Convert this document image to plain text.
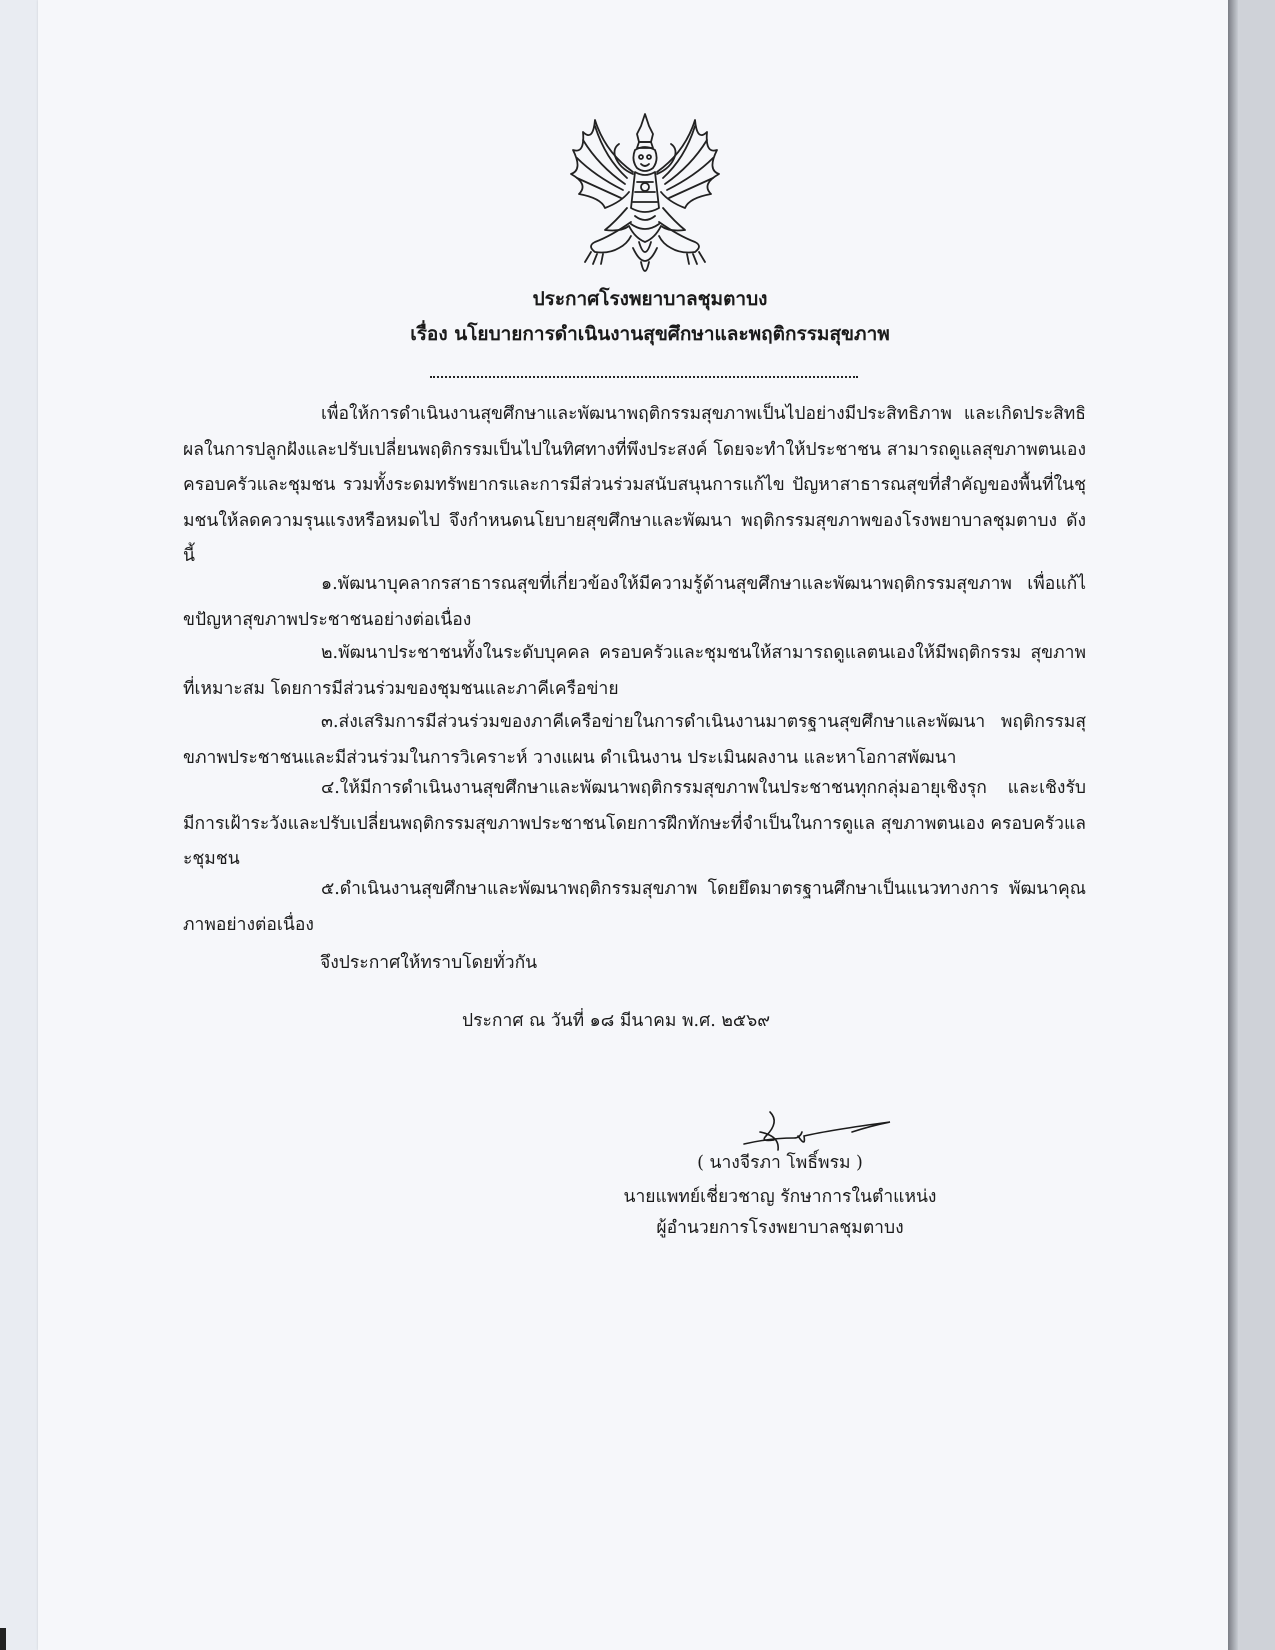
ประกาศโรงพยาบาลชุมตาบง
เรื่อง นโยบายการดำเนินงานสุขศึกษาและพฤติกรรมสุขภาพ
เพื่อให้การดำเนินงานสุขศึกษาและพัฒนาพฤติกรรมสุขภาพเป็นไปอย่างมีประสิทธิภาพ และเกิดประสิทธิผลในการปลูกฝังและปรับเปลี่ยนพฤติกรรมเป็นไปในทิศทางที่พึงประสงค์ โดยจะทำให้ประชาชน สามารถดูแลสุขภาพตนเอง ครอบครัวและชุมชน รวมทั้งระดมทรัพยากรและการมีส่วนร่วมสนับสนุนการแก้ไข ปัญหาสาธารณสุขที่สำคัญของพื้นที่ในชุมชนให้ลดความรุนแรงหรือหมดไป จึงกำหนดนโยบายสุขศึกษาและพัฒนา พฤติกรรมสุขภาพของโรงพยาบาลชุมตาบง ดังนี้
๑.พัฒนาบุคลากรสาธารณสุขที่เกี่ยวข้องให้มีความรู้ด้านสุขศึกษาและพัฒนาพฤติกรรมสุขภาพ เพื่อแก้ไขปัญหาสุขภาพประชาชนอย่างต่อเนื่อง
๒.พัฒนาประชาชนทั้งในระดับบุคคล ครอบครัวและชุมชนให้สามารถดูแลตนเองให้มีพฤติกรรม สุขภาพที่เหมาะสม โดยการมีส่วนร่วมของชุมชนและภาคีเครือข่าย
๓.ส่งเสริมการมีส่วนร่วมของภาคีเครือข่ายในการดำเนินงานมาตรฐานสุขศึกษาและพัฒนา พฤติกรรมสุขภาพประชาชนและมีส่วนร่วมในการวิเคราะห์ วางแผน ดำเนินงาน ประเมินผลงาน และหาโอกาสพัฒนา
๔.ให้มีการดำเนินงานสุขศึกษาและพัฒนาพฤติกรรมสุขภาพในประชาชนทุกกลุ่มอายุเชิงรุก และเชิงรับ มีการเฝ้าระวังและปรับเปลี่ยนพฤติกรรมสุขภาพประชาชนโดยการฝึกทักษะที่จำเป็นในการดูแล สุขภาพตนเอง ครอบครัวและชุมชน
๕.ดำเนินงานสุขศึกษาและพัฒนาพฤติกรรมสุขภาพ โดยยึดมาตรฐานศึกษาเป็นแนวทางการ พัฒนาคุณภาพอย่างต่อเนื่อง
จึงประกาศให้ทราบโดยทั่วกัน
ประกาศ ณ วันที่ ๑๘ มีนาคม พ.ศ. ๒๕๖๙
( นางจีรภา โพธิ์พรม )
นายแพทย์เชี่ยวชาญ รักษาการในตำแหน่ง
ผู้อำนวยการโรงพยาบาลชุมตาบง
